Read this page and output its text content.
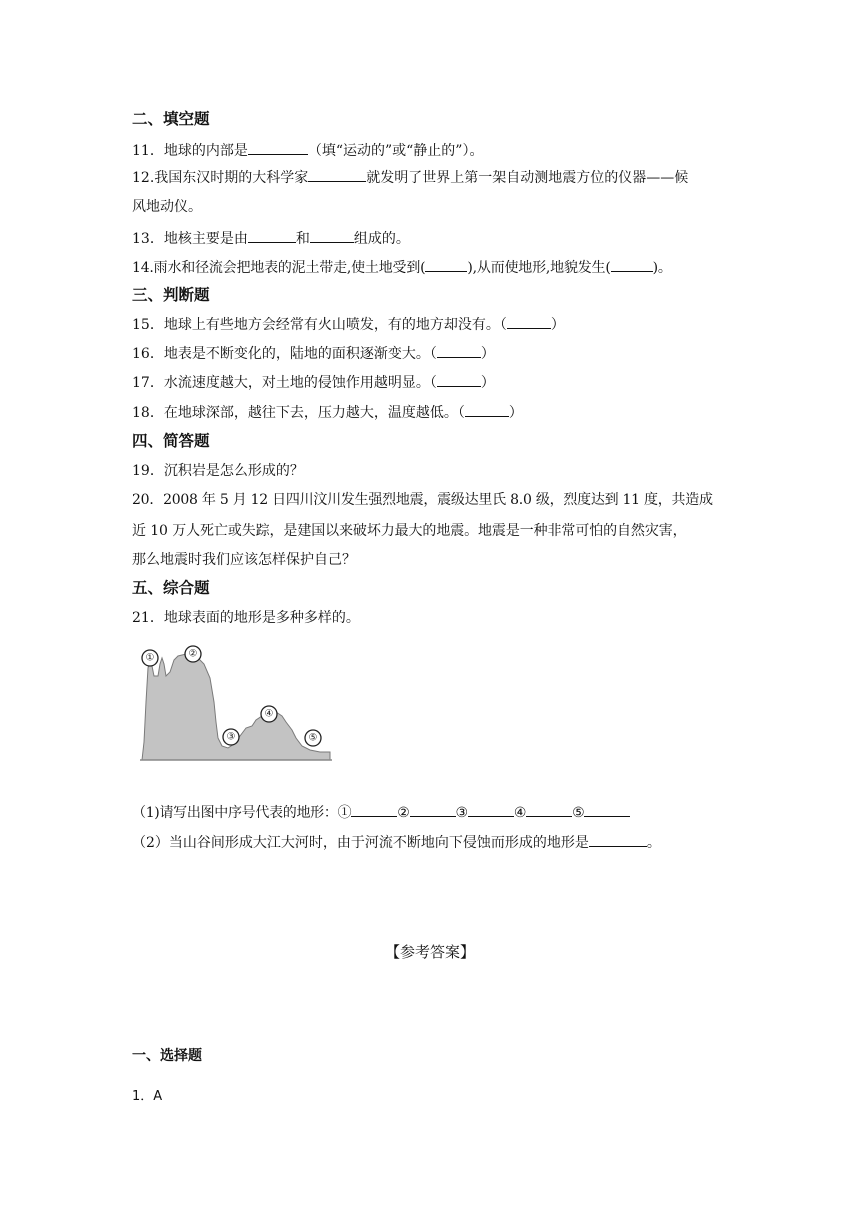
二、填空题
11．地球的内部是	（填“运动的”或“静止的”）。
12.我国东汉时期的大科学家	就发明了世界上第一架自动测地震方位的仪器——候
风地动仪。
13．地核主要是由	和	组成的。
14.雨水和径流会把地表的泥土带走,使土地受到(	),从而使地形,地貌发生(	)。
三、判断题
15．地球上有些地方会经常有火山喷发，有的地方却没有。（	）
16．地表是不断变化的，陆地的面积逐渐变大。（	）
17．水流速度越大，对土地的侵蚀作用越明显。（	）
18．在地球深部，越往下去，压力越大，温度越低。（	）
四、简答题
19．沉积岩是怎么形成的？
20．2008 年 5 月 12 日四川汶川发生强烈地震，震级达里氏 8.0 级，烈度达到 11 度，共造成
近 10 万人死亡或失踪，是建国以来破坏力最大的地震。地震是一种非常可怕的自然灾害，
那么地震时我们应该怎样保护自己？
五、综合题
21．地球表面的地形是多种多样的。
①	②
③
④
⑤
（1)请写出图中序号代表的地形：①	②	③	④	⑤
（2）当山谷间形成大江大河时，由于河流不断地向下侵蚀而形成的地形是	。
【参考答案】
一、选择题
1．A
